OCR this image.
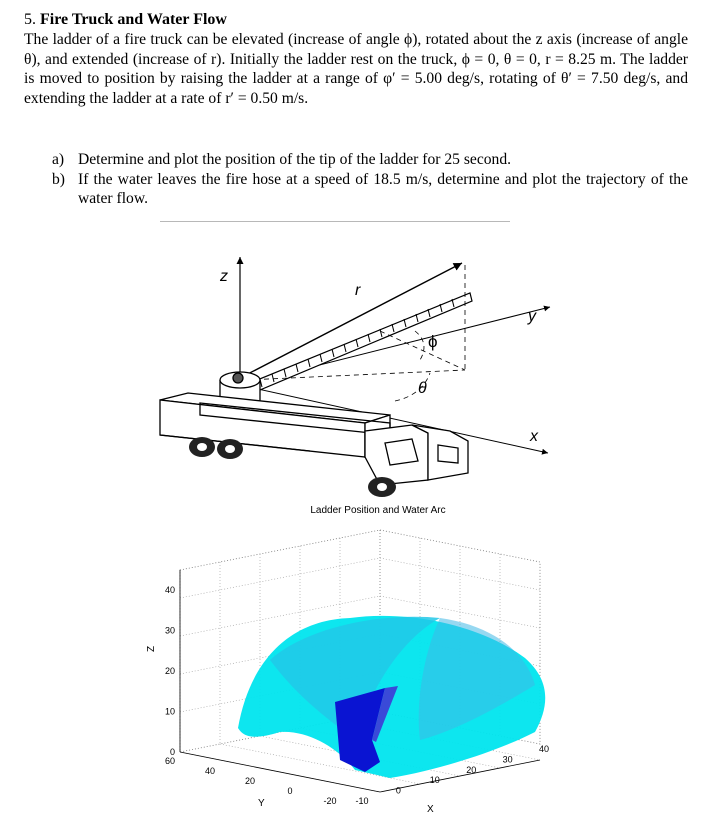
5. Fire Truck and Water Flow

The ladder of a fire truck can be elevated (increase of angle ϕ), rotated about the z axis (increase of angle θ), and extended (increase of r). Initially the ladder rest on the truck, ϕ = 0, θ = 0, r = 8.25 m. The ladder is moved to position by raising the ladder at a range of φ′ = 5.00 deg/s, rotating of θ′ = 7.50 deg/s, and extending the ladder at a rate of r′ = 0.50 m/s.

a) Determine and plot the position of the tip of the ladder for 25 second.
b) If the water leaves the fire hose at a speed of 18.5 m/s, determine and plot the trajectory of the water flow.
z
r
y
x
ϕ
θ
Ladder Position and Water Arc
0
10
20
30
40
-20
0
20
40
60
-10
0
10
20
30
40
Z
Y
X
